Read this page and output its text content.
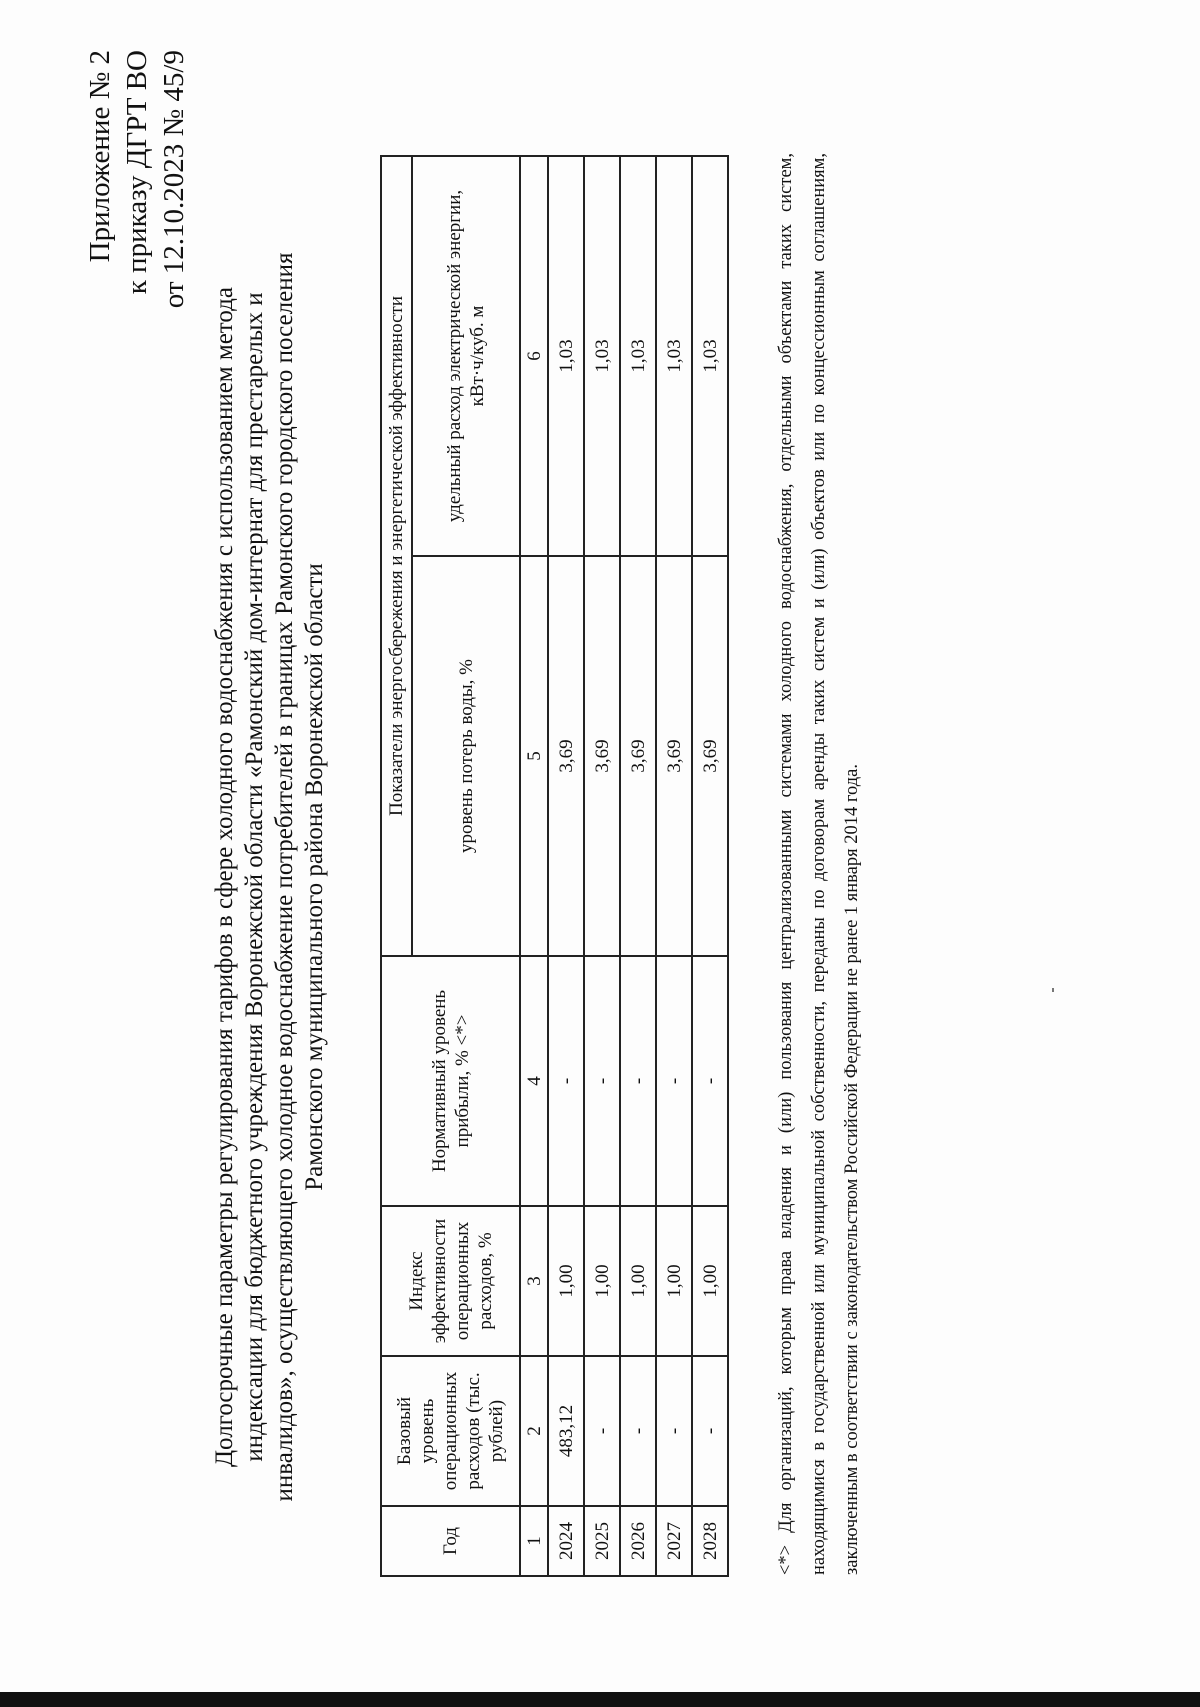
Приложение № 2 к приказу ДГРТ ВО от 12.10.2023 № 45/9
Долгосрочные параметры регулирования тарифов в сфере холодного водоснабжения с использованием метода индексации для бюджетного учреждения Воронежской области «Рамонский дом-интернат для престарелых и инвалидов», осуществляющего холодное водоснабжение потребителей в границах Рамонского городского поселения Рамонского муниципального района Воронежской области
Год	Базовый уровень операционных расходов (тыс. рублей)	Индекс эффективности операционных расходов, %	Нормативный уровень прибыли, % <*>	Показатели энергосбережения и энергетической эффективности	
				уровень потерь воды, %	удельный расход электрической энергии, кВт·ч/куб. м
1	2	3	4	5	6
2024	483,12	1,00	-	3,69	1,03
2025	-	1,00	-	3,69	1,03
2026	-	1,00	-	3,69	1,03
2027	-	1,00	-	3,69	1,03
2028	-	1,00	-	3,69	1,03	<*> Для организаций, которым права владения и (или) пользования централизованными системами холодного водоснабжения, отдельными объектами таких систем, находящимися в государственной или муниципальной собственности, переданы по договорам аренды таких систем и (или) объектов или по концессионным соглашениям, заключенным в соответствии с законодательством Российской Федерации не ранее 1 января 2014 года.
